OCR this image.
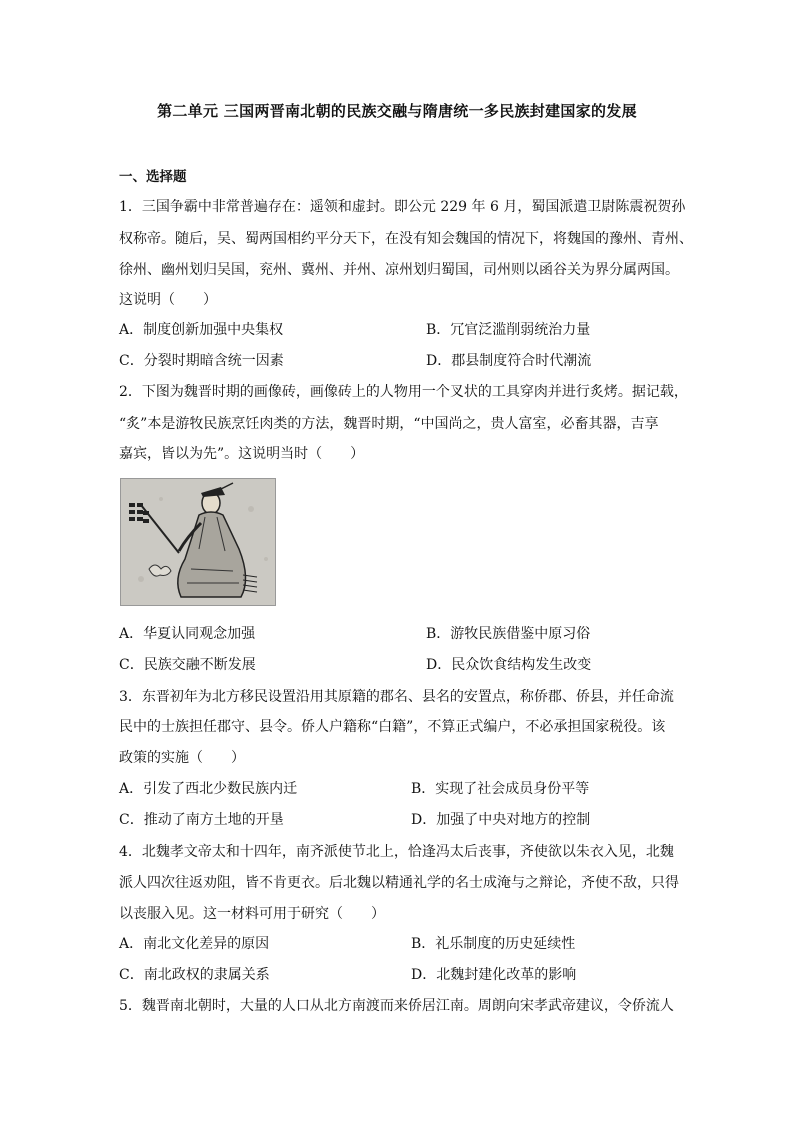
第二单元 三国两晋南北朝的民族交融与隋唐统一多民族封建国家的发展
一、选择题
1．三国争霸中非常普遍存在：遥领和虚封。即公元 229 年 6 月，蜀国派遣卫尉陈震祝贺孙
权称帝。随后，吴、蜀两国相约平分天下，在没有知会魏国的情况下，将魏国的豫州、青州、
徐州、幽州划归吴国，兖州、冀州、并州、凉州划归蜀国，司州则以函谷关为界分属两国。
这说明（　　）
A．制度创新加强中央集权	B．冗官泛滥削弱统治力量
C．分裂时期暗含统一因素	D．郡县制度符合时代潮流
2．下图为魏晋时期的画像砖，画像砖上的人物用一个叉状的工具穿肉并进行炙烤。据记载，
“炙”本是游牧民族烹饪肉类的方法，魏晋时期，“中国尚之，贵人富室，必畜其器，吉享
嘉宾，皆以为先”。这说明当时（　　）
A．华夏认同观念加强	B．游牧民族借鉴中原习俗
C．民族交融不断发展	D．民众饮食结构发生改变
3．东晋初年为北方移民设置沿用其原籍的郡名、县名的安置点，称侨郡、侨县，并任命流
民中的士族担任郡守、县令。侨人户籍称“白籍”，不算正式编户，不必承担国家税役。该
政策的实施（　　）
A．引发了西北少数民族内迁	B．实现了社会成员身份平等
C．推动了南方土地的开垦	D．加强了中央对地方的控制
4．北魏孝文帝太和十四年，南齐派使节北上，恰逢冯太后丧事，齐使欲以朱衣入见，北魏
派人四次往返劝阻，皆不肯更衣。后北魏以精通礼学的名士成淹与之辩论，齐使不敌，只得
以丧服入见。这一材料可用于研究（　　）
A．南北文化差异的原因	B．礼乐制度的历史延续性
C．南北政权的隶属关系	D．北魏封建化改革的影响
5．魏晋南北朝时，大量的人口从北方南渡而来侨居江南。周朗向宋孝武帝建议，令侨流人
